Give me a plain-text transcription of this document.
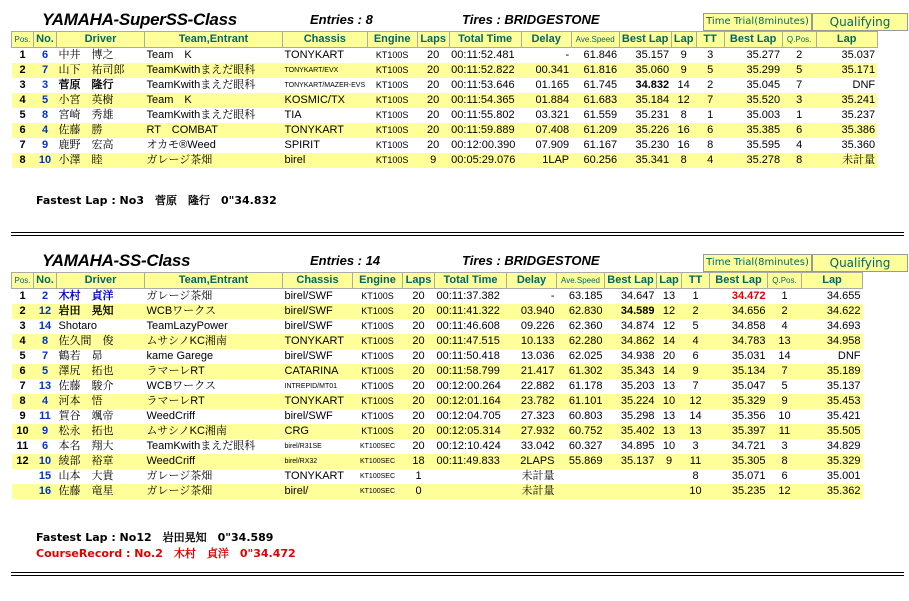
YAMAHA-SuperSS-Class	Entries : 8	Tires : BRIDGESTONE	Time Trial(8minutes)	Qualifying
Pos.	No.	Driver	Team,Entrant	Chassis	Engine	Laps	Total Time	Delay	Ave.Speed	Best Lap	Lap	TT	Best Lap	Q.Pos.	Lap
1	6	中井　博之	Team　K	TONYKART	KT100S	20	00:11:52.481	-	61.846	35.157	9	3	35.277	2	35.037
2	7	山下　祐司郎	TeamKwithまえだ眼科	TONYKART/EVX	KT100S	20	00:11:52.822	00.341	61.816	35.060	9	5	35.299	5	35.171
3	3	菅原　隆行	TeamKwithまえだ眼科	TONYKART/MAZER-EVS	KT100S	20	00:11:53.646	01.165	61.745	34.832	14	2	35.045	7	DNF
4	5	小宮　英樹	Team　K	KOSMIC/TX	KT100S	20	00:11:54.365	01.884	61.683	35.184	12	7	35.520	3	35.241
5	8	宮崎　秀雄	TeamKwithまえだ眼科	TIA	KT100S	20	00:11:55.802	03.321	61.559	35.231	8	1	35.003	1	35.237
6	4	佐藤　勝	RT　COMBAT	TONYKART	KT100S	20	00:11:59.889	07.408	61.209	35.226	16	6	35.385	6	35.386
7	9	鹿野　宏高	オカモ®Weed	SPIRIT	KT100S	20	00:12:00.390	07.909	61.167	35.230	16	8	35.595	4	35.360
8	10	小澤　睦	ガレージ茶畑	birel	KT100S	9	00:05:29.076	1LAP	60.256	35.341	8	4	35.278	8	未計量
Fastest Lap : No3　菅原　隆行　0"34.832
YAMAHA-SS-Class	Entries : 14	Tires : BRIDGESTONE	Time Trial(8minutes)	Qualifying
Pos.	No.	Driver	Team,Entrant	Chassis	Engine	Laps	Total Time	Delay	Ave.Speed	Best Lap	Lap	TT	Best Lap	Q.Pos.	Lap
1	2	木村　貞洋	ガレージ茶畑	birel/SWF	KT100S	20	00:11:37.382	-	63.185	34.647	13	1	34.472	1	34.655
2	12	岩田　晃知	WCBワークス	birel/SWF	KT100S	20	00:11:41.322	03.940	62.830	34.589	12	2	34.656	2	34.622
3	14	Shotaro	TeamLazyPower	birel/SWF	KT100S	20	00:11:46.608	09.226	62.360	34.874	12	5	34.858	4	34.693
4	8	佐久間　俊	ムサシノKC湘南	TONYKART	KT100S	20	00:11:47.515	10.133	62.280	34.862	14	4	34.783	13	34.958
5	7	鶴若　昴	kame Garege	birel/SWF	KT100S	20	00:11:50.418	13.036	62.025	34.938	20	6	35.031	14	DNF
6	5	澤尻　拓也	ラマーレRT	CATARINA	KT100S	20	00:11:58.799	21.417	61.302	35.343	14	9	35.134	7	35.189
7	13	佐藤　駿介	WCBワークス	INTREPID/MT01	KT100S	20	00:12:00.264	22.882	61.178	35.203	13	7	35.047	5	35.137
8	4	河本　悟	ラマーレRT	TONYKART	KT100S	20	00:12:01.164	23.782	61.101	35.224	10	12	35.329	9	35.453
9	11	賀谷　颯帝	WeedCriff	birel/SWF	KT100S	20	00:12:04.705	27.323	60.803	35.298	13	14	35.356	10	35.421
10	9	松永　拓也	ムサシノKC湘南	CRG	KT100S	20	00:12:05.314	27.932	60.752	35.402	13	13	35.397	11	35.505
11	6	本名　翔大	TeamKwithまえだ眼科	birel/R31SE	KT100SEC	20	00:12:10.424	33.042	60.327	34.895	10	3	34.721	3	34.829
12	10	綾部　裕章	WeedCriff	birel/RX32	KT100SEC	18	00:11:49.833	2LAPS	55.869	35.137	9	11	35.305	8	35.329
	15	山本　大貴	ガレージ茶畑	TONYKART	KT100SEC	1		未計量				8	35.071	6	35.001
	16	佐藤　竜星	ガレージ茶畑	birel/	KT100SEC	0		未計量				10	35.235	12	35.362
Fastest Lap : No12　岩田晃知　0"34.589
CourseRecord : No.2　木村　貞洋　0"34.472
